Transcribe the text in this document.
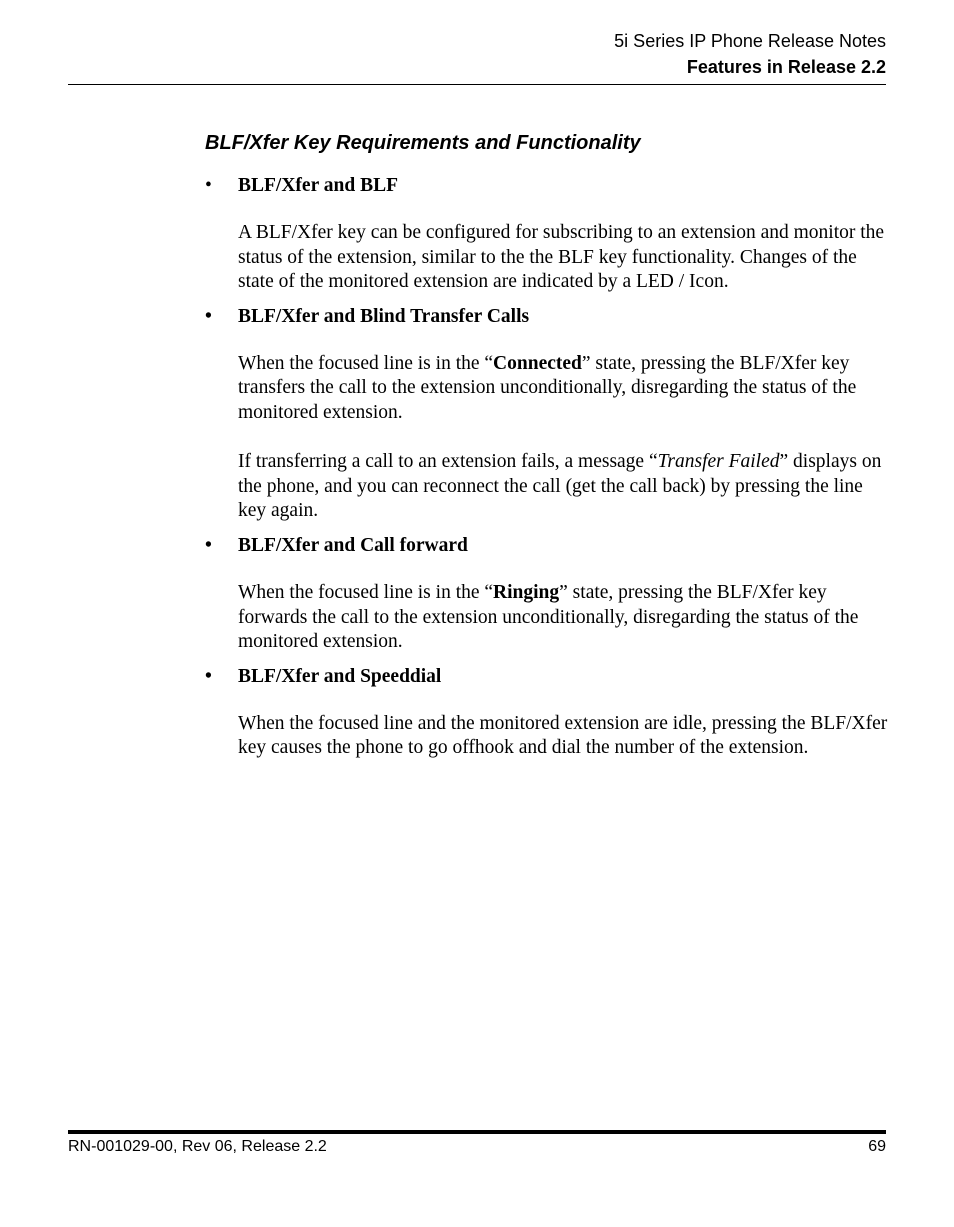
5i Series IP Phone Release Notes
Features in Release 2.2
BLF/Xfer Key Requirements and Functionality

• BLF/Xfer and BLF

A BLF/Xfer key can be configured for subscribing to an extension and monitor the status of the extension, similar to the the BLF key functionality. Changes of the state of the monitored extension are indicated by a LED / Icon.

• BLF/Xfer and Blind Transfer Calls

When the focused line is in the “Connected” state, pressing the BLF/Xfer key transfers the call to the extension unconditionally, disregarding the status of the monitored extension.

If transferring a call to an extension fails, a message “Transfer Failed” displays on the phone, and you can reconnect the call (get the call back) by pressing the line key again.

• BLF/Xfer and Call forward

When the focused line is in the “Ringing” state, pressing the BLF/Xfer key forwards the call to the extension unconditionally, disregarding the status of the monitored extension.

• BLF/Xfer and Speeddial

When the focused line and the monitored extension are idle, pressing the BLF/Xfer key causes the phone to go offhook and dial the number of the extension.

RN-001029-00, Rev 06, Release 2.2	69
